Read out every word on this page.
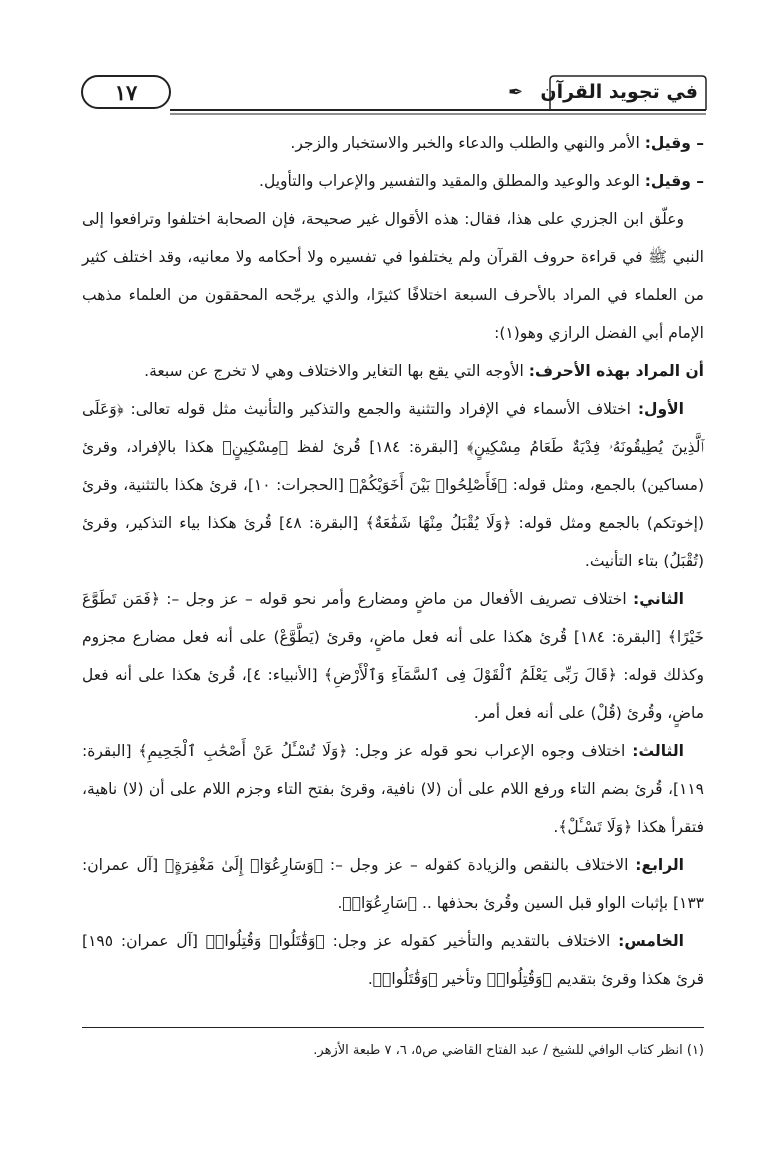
١٧	✒ في تجويد القرآن

– وقيل: الأمر والنهي والطلب والدعاء والخبر والاستخبار والزجر.

– وقيل: الوعد والوعيد والمطلق والمقيد والتفسير والإعراب والتأويل.

وعلّق ابن الجزري على هذا، فقال: هذه الأقوال غير صحيحة، فإن الصحابة اختلفوا وترافعوا إلى النبي ﷺ في قراءة حروف القرآن ولم يختلفوا في تفسيره ولا أحكامه ولا معانيه، وقد اختلف كثير من العلماء في المراد بالأحرف السبعة اختلافًا كثيرًا، والذي يرجّحه المحققون من العلماء مذهب الإمام أبي الفضل الرازي وهو(١):

أن المراد بهذه الأحرف: الأوجه التي يقع بها التغاير والاختلاف وهي لا تخرج عن سبعة.

الأول: اختلاف الأسماء في الإفراد والتثنية والجمع والتذكير والتأنيث مثل قوله تعالى: ﴿وَعَلَى ٱلَّذِينَ يُطِيقُونَهُۥ فِدْيَةٌ طَعَامُ مِسْكِينٍ﴾ [البقرة: ١٨٤] قُرئ لفظ ﴿مِسْكِينٍ﴾ هكذا بالإفراد، وقرئ (مساكين) بالجمع، ومثل قوله: ﴿فَأَصْلِحُوا۟ بَيْنَ أَخَوَيْكُمْ﴾ [الحجرات: ١٠]، قرئ هكذا بالتثنية، وقرئ (إخوتكم) بالجمع ومثل قوله: ﴿وَلَا يُقْبَلُ مِنْهَا شَفَٰعَةٌ﴾ [البقرة: ٤٨] قُرئ هكذا بياء التذكير، وقرئ (تُقْبَلُ) بتاء التأنيث.

الثاني: اختلاف تصريف الأفعال من ماضٍ ومضارع وأمر نحو قوله – عز وجل –: ﴿فَمَن تَطَوَّعَ خَيْرًا﴾ [البقرة: ١٨٤] قُرئ هكذا على أنه فعل ماضٍ، وقرئ (يَطَّوَّعْ) على أنه فعل مضارع مجزوم وكذلك قوله: ﴿قَالَ رَبِّى يَعْلَمُ ٱلْقَوْلَ فِى ٱلسَّمَآءِ وَٱلْأَرْضِ﴾ [الأنبياء: ٤]، قُرئ هكذا على أنه فعل ماضٍ، وقُرئ (قُلْ) على أنه فعل أمر.

الثالث: اختلاف وجوه الإعراب نحو قوله عز وجل: ﴿وَلَا تُسْـَٔلُ عَنْ أَصْحَٰبِ ٱلْجَحِيمِ﴾ [البقرة: ١١٩]، قُرئ بضم التاء ورفع اللام على أن (لا) نافية، وقرئ بفتح التاء وجزم اللام على أن (لا) ناهية، فتقرأ هكذا ﴿وَلَا تَسْـَٔلْ﴾.

الرابع: الاختلاف بالنقص والزيادة كقوله – عز وجل –: ﴿وَسَارِعُوٓا۟ إِلَىٰ مَغْفِرَةٍ﴾ [آل عمران: ١٣٣] بإثبات الواو قبل السين وقُرئ بحذفها .. ﴿سَارِعُوٓا۟﴾.

الخامس: الاختلاف بالتقديم والتأخير كقوله عز وجل: ﴿وَقَٰتَلُوا۟ وَقُتِلُوا۟﴾ [آل عمران: ١٩٥] قرئ هكذا وقرئ بتقديم ﴿وَقُتِلُوا۟﴾ وتأخير ﴿وَقَٰتَلُوا۟﴾.

(١) انظر كتاب الوافي للشيخ / عبد الفتاح القاضي ص٥، ٦، ٧ طبعة الأزهر.
